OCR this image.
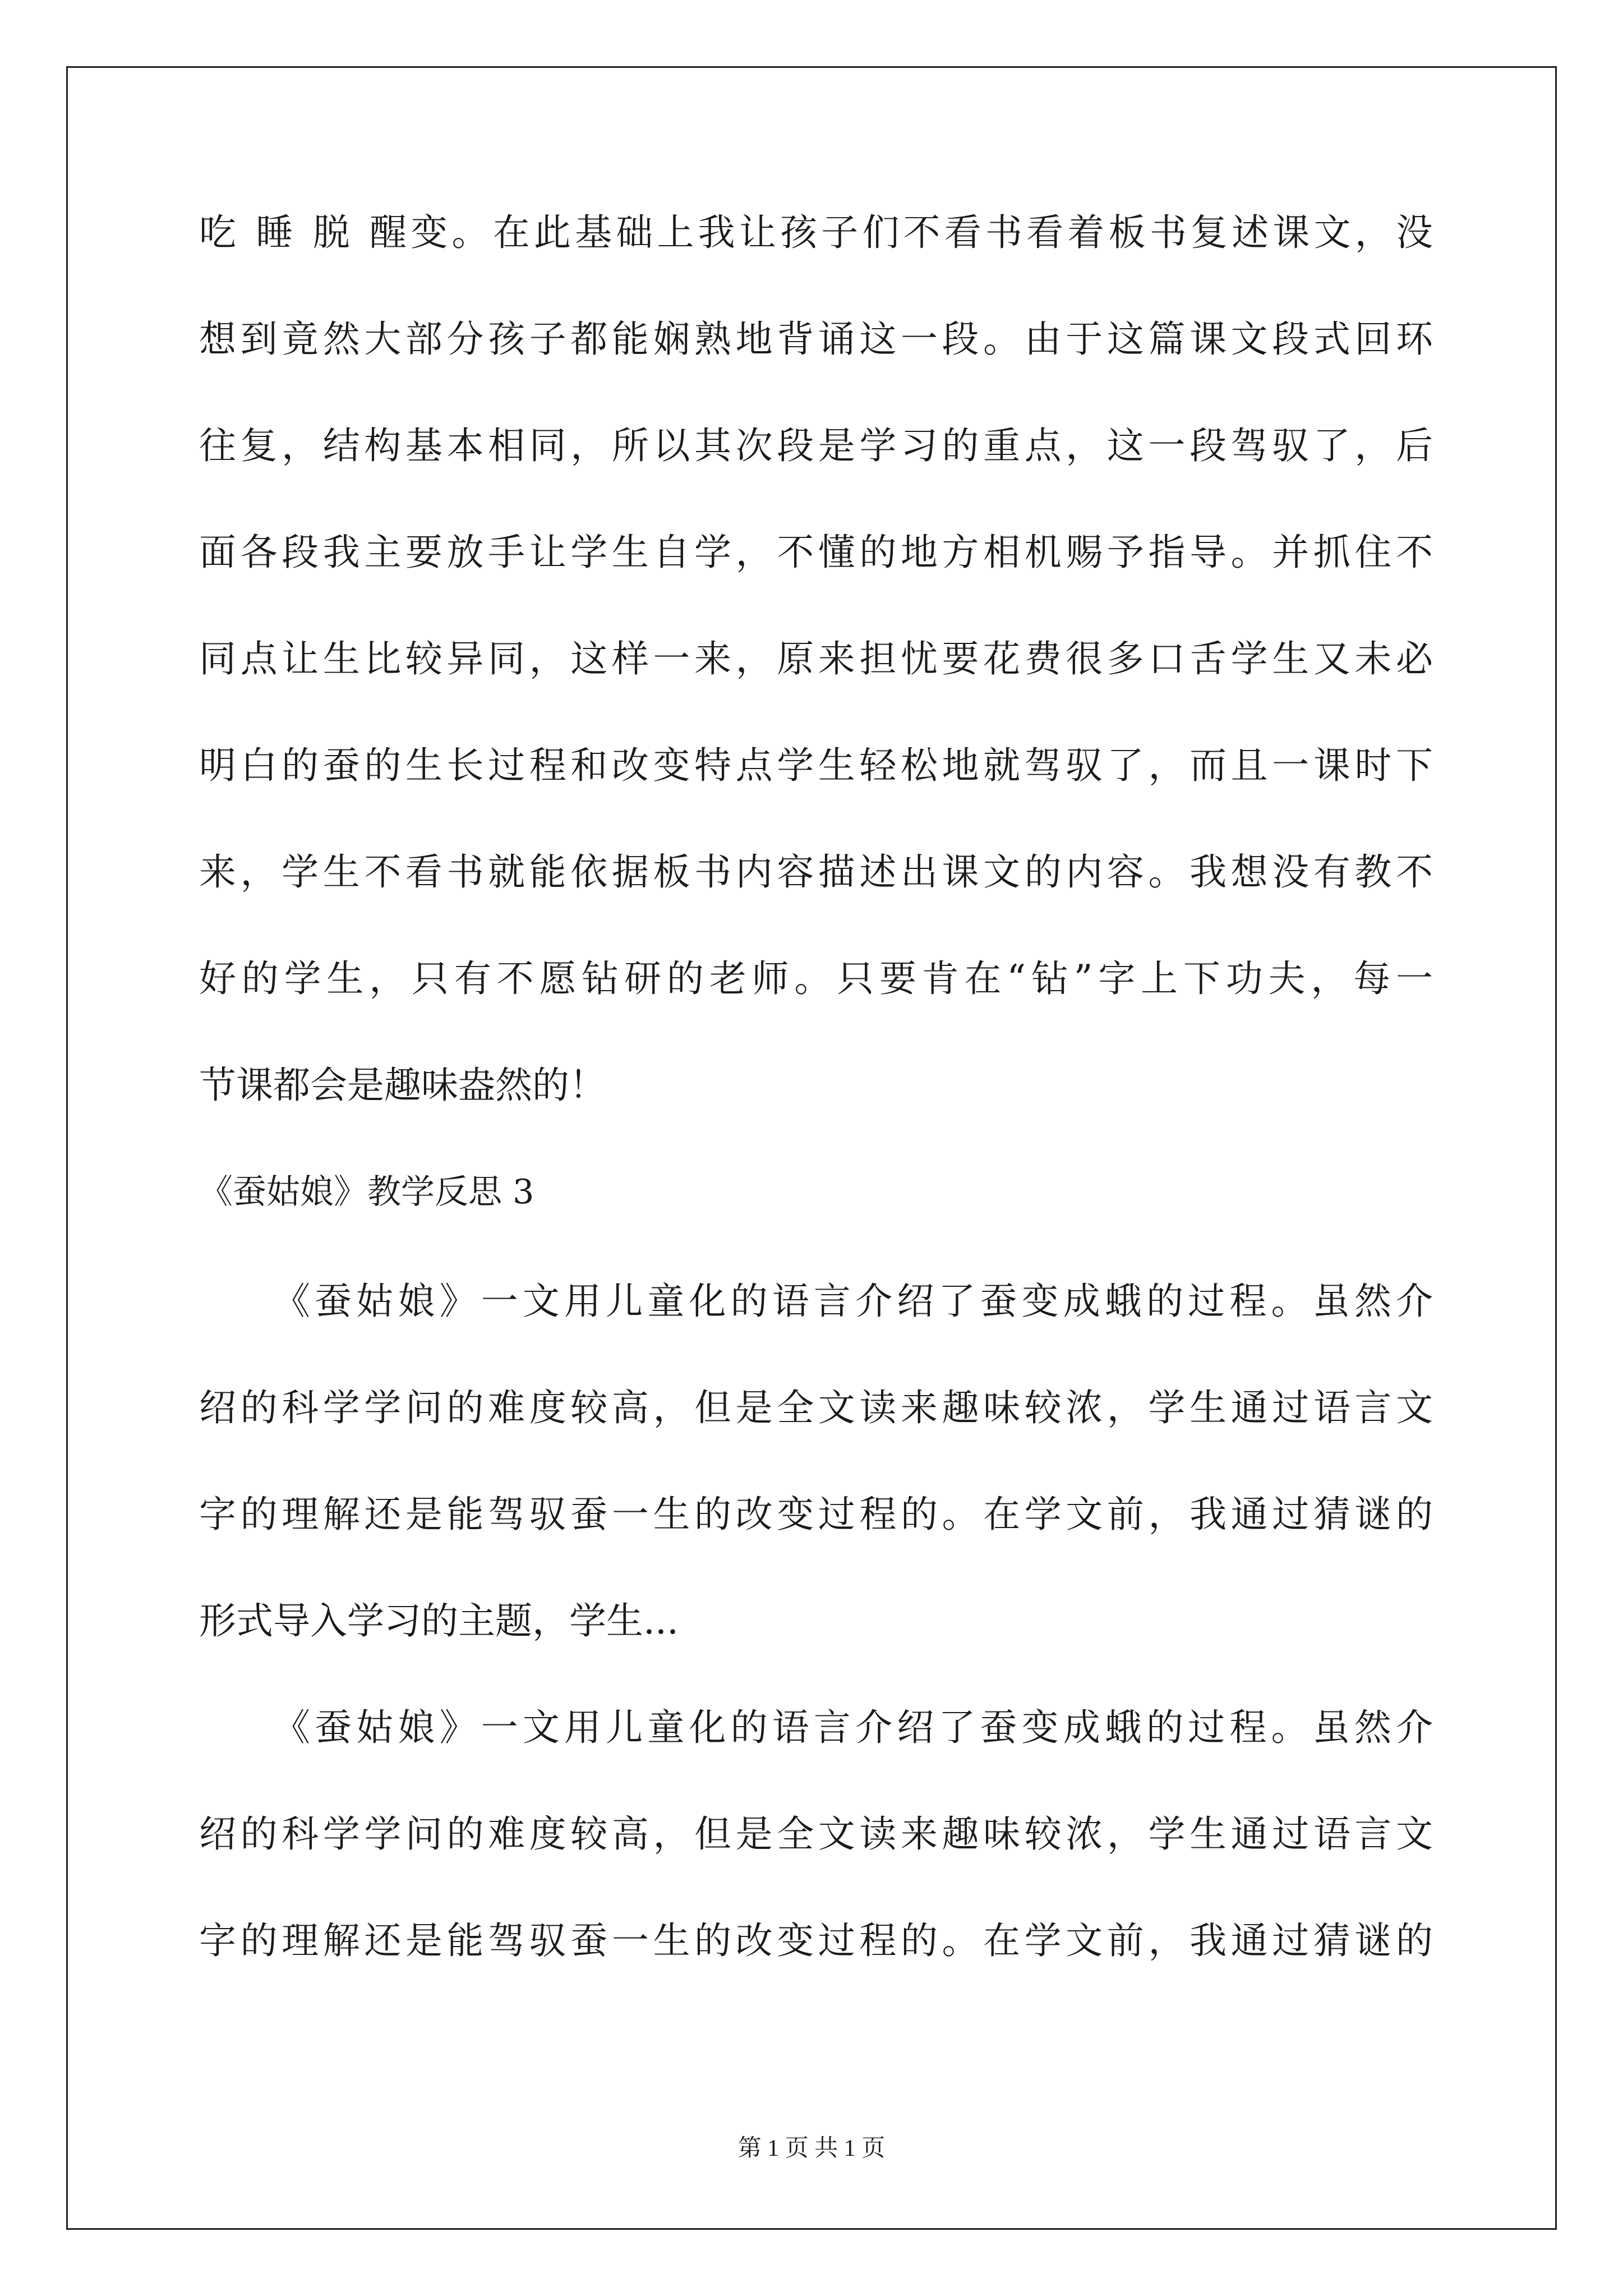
吃 睡 脱 醒变。在此基础上我让孩子们不看书看着板书复述课文，没
想到竟然大部分孩子都能娴熟地背诵这一段。由于这篇课文段式回环
往复，结构基本相同，所以其次段是学习的重点，这一段驾驭了，后
面各段我主要放手让学生自学，不懂的地方相机赐予指导。并抓住不
同点让生比较异同，这样一来，原来担忧要花费很多口舌学生又未必
明白的蚕的生长过程和改变特点学生轻松地就驾驭了，而且一课时下
来，学生不看书就能依据板书内容描述出课文的内容。我想没有教不
好的学生，只有不愿钻研的老师。只要肯在“钻”字上下功夫，每一
节课都会是趣味盎然的！
《蚕姑娘》教学反思 3
《蚕姑娘》一文用儿童化的语言介绍了蚕变成蛾的过程。虽然介
绍的科学学问的难度较高，但是全文读来趣味较浓，学生通过语言文
字的理解还是能驾驭蚕一生的改变过程的。在学文前，我通过猜谜的
形式导入学习的主题，学生...
《蚕姑娘》一文用儿童化的语言介绍了蚕变成蛾的过程。虽然介
绍的科学学问的难度较高，但是全文读来趣味较浓，学生通过语言文
字的理解还是能驾驭蚕一生的改变过程的。在学文前，我通过猜谜的
第 1 页 共 1 页
